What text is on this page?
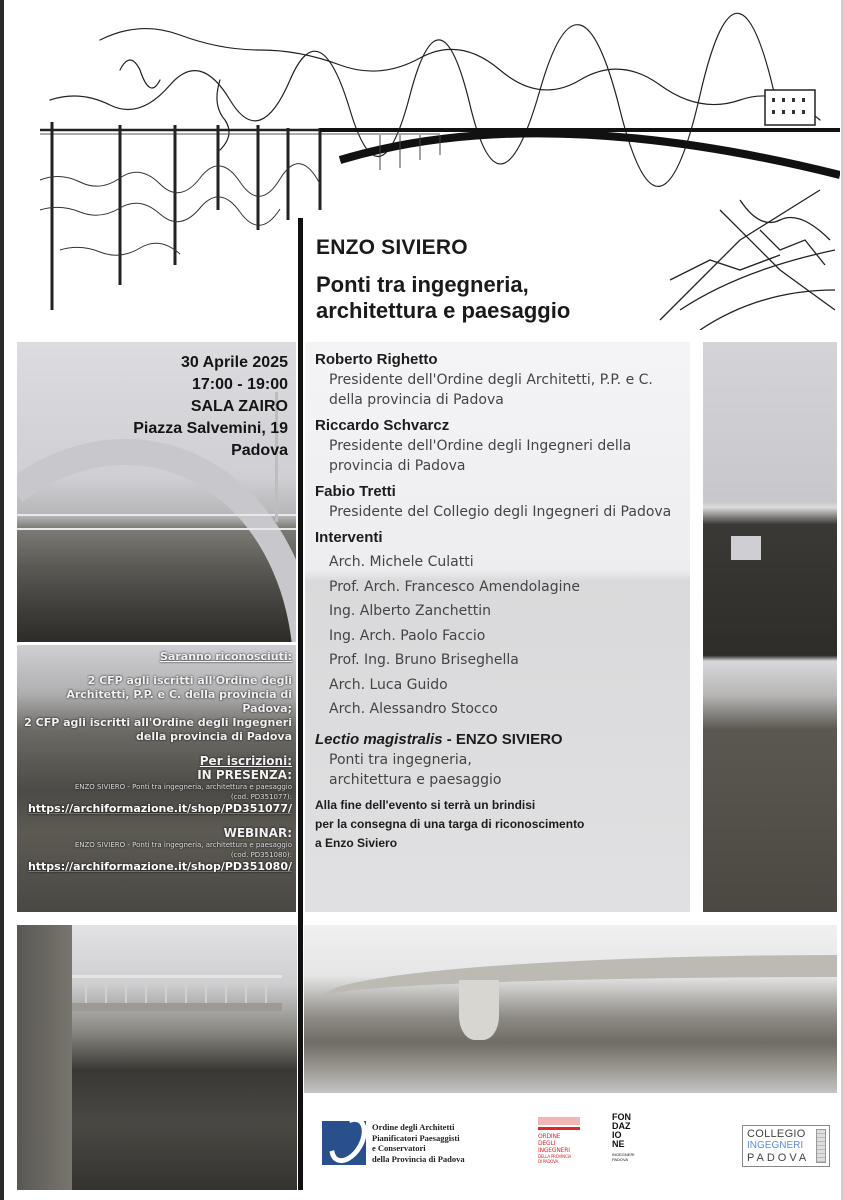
ENZO SIVIERO
Ponti tra ingegneria,
architettura e paesaggio
30 Aprile 2025
17:00 - 19:00
SALA ZAIRO
Piazza Salvemini, 19
Padova
Saranno riconosciuti:
2 CFP agli iscritti all'Ordine degli Architetti, P.P. e C. della provincia di Padova;
2 CFP agli iscritti all'Ordine degli Ingegneri della provincia di Padova
Per iscrizioni:
IN PRESENZA:
ENZO SIVIERO - Ponti tra ingegneria, architettura e paesaggio
(cod. PD351077):
https://archiformazione.it/shop/PD351077/
WEBINAR:
ENZO SIVIERO - Ponti tra ingegneria, architettura e paesaggio
(cod. PD351080):
https://archiformazione.it/shop/PD351080/
Roberto Righetto
Presidente dell'Ordine degli Architetti, P.P. e C. della provincia di Padova
Riccardo Schvarcz
Presidente dell'Ordine degli Ingegneri della provincia di Padova
Fabio Tretti
Presidente del Collegio degli Ingegneri di Padova
Interventi
Arch. Michele Culatti
Prof. Arch. Francesco Amendolagine
Ing. Alberto Zanchettin
Ing. Arch. Paolo Faccio
Prof. Ing. Bruno Briseghella
Arch. Luca Guido
Arch. Alessandro Stocco
Lectio magistralis - ENZO SIVIERO
Ponti tra ingegneria,
architettura e paesaggio
Alla fine dell'evento si terrà un brindisi
per la consegna di una targa di riconoscimento
a Enzo Siviero
Ordine degli Architetti
Pianificatori Paesaggisti
e Conservatori
della Provincia di Padova
ORDINE
DEGLI
INGEGNERI
DELLA PROVINCIA
DI PADOVA
FON
DAZ
IO
NE
INGEGNERI PADOVA
COLLEGIO
INGEGNERI
PADOVA
